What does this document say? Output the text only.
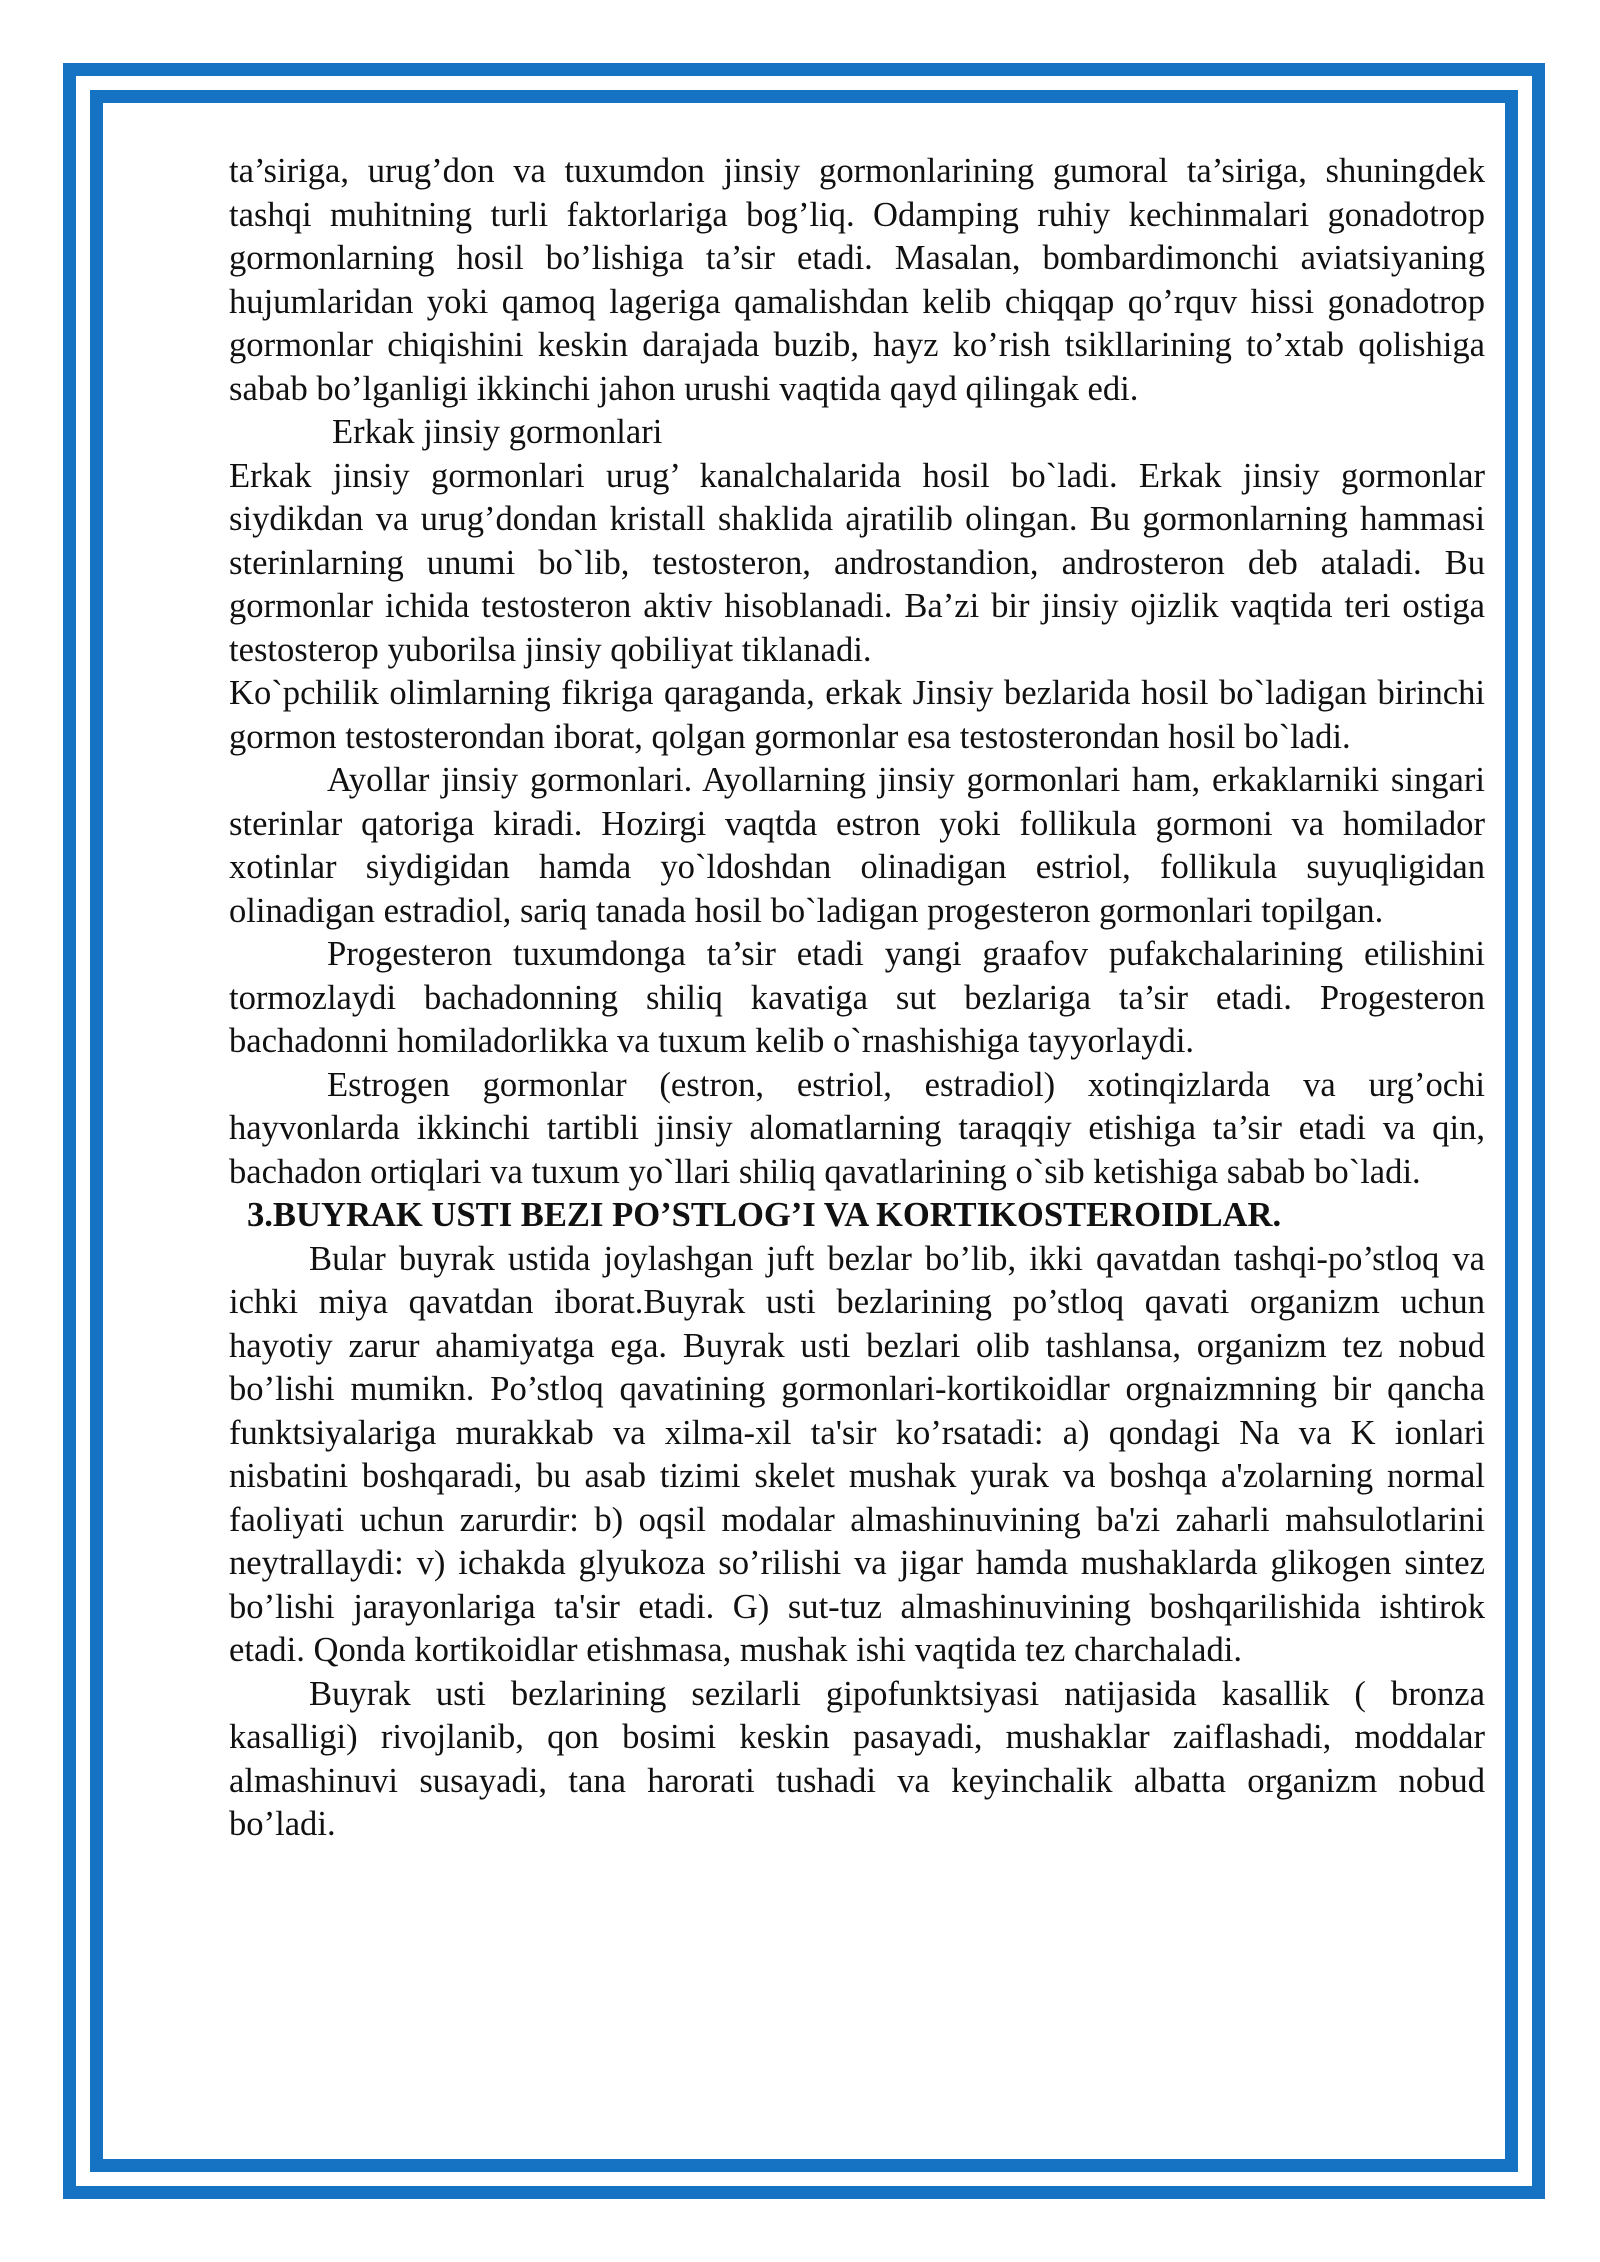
ta’siriga, urug’don va tuxumdon jinsiy gormonlarining gumoral ta’siriga, shuningdek tashqi muhitning turli faktorlariga bog’liq. Odamping ruhiy kechinmalari gonadotrop gormonlarning hosil bo’lishiga ta’sir etadi. Masalan, bombardimonchi aviatsiyaning hujumlaridan yoki qamoq lageriga qamalishdan kelib chiqqap qo’rquv hissi gonadotrop gormonlar chiqishini keskin darajada buzib, hayz ko’rish tsikllarining to’xtab qolishiga sabab bo’lganligi ikkinchi jahon urushi vaqtida qayd qilingak edi.

Erkak jinsiy gormonlari

Erkak jinsiy gormonlari urug’ kanalchalarida hosil bo`ladi. Erkak jinsiy gormonlar siydikdan va urug’dondan kristall shaklida ajratilib olingan. Bu gormonlarning hammasi sterinlarning unumi bo`lib, testosteron, androstandion, androsteron deb ataladi. Bu gormonlar ichida testosteron aktiv hisoblanadi. Ba’zi bir jinsiy ojizlik vaqtida teri ostiga testosterop yuborilsa jinsiy qobiliyat tiklanadi.

Ko`pchilik olimlarning fikriga qaraganda, erkak Jinsiy bezlarida hosil bo`ladigan birinchi gormon testosterondan iborat, qolgan gormonlar esa testosterondan hosil bo`ladi.

Ayollar jinsiy gormonlari. Ayollarning jinsiy gormonlari ham, erkaklarniki singari sterinlar qatoriga kiradi. Hozirgi vaqtda estron yoki follikula gormoni va homilador xotinlar siydigidan hamda yo`ldoshdan olinadigan estriol, follikula suyuqligidan olinadigan estradiol, sariq tanada hosil bo`ladigan progesteron gormonlari topilgan.

Progesteron tuxumdonga ta’sir etadi yangi graafov pufakchalarining etilishini tormozlaydi bachadonning shiliq kavatiga sut bezlariga ta’sir etadi. Progesteron bachadonni homiladorlikka va tuxum kelib o`rnashishiga tayyorlaydi.

Estrogen gormonlar (estron, estriol, estradiol) xotinqizlarda va urg’ochi hayvonlarda ikkinchi tartibli jinsiy alomatlarning taraqqiy etishiga ta’sir etadi va qin, bachadon ortiqlari va tuxum yo`llari shiliq qavatlarining o`sib ketishiga sabab bo`ladi.

3.BUYRAK USTI BEZI PO’STLOG’I VA KORTIKOSTEROIDLAR.

Bular buyrak ustida joylashgan juft bezlar bo’lib, ikki qavatdan tashqi-po’stloq va ichki miya qavatdan iborat.Buyrak usti bezlarining po’stloq qavati organizm uchun hayotiy zarur ahamiyatga ega. Buyrak usti bezlari olib tashlansa, organizm tez nobud bo’lishi mumikn. Po’stloq qavatining gormonlari-kortikoidlar orgnaizmning bir qancha funktsiyalariga murakkab va xilma-xil ta'sir ko’rsatadi: a) qondagi Na va K ionlari nisbatini boshqaradi, bu asab tizimi skelet mushak yurak va boshqa a'zolarning normal faoliyati uchun zarurdir: b) oqsil modalar almashinuvining ba'zi zaharli mahsulotlarini neytrallaydi: v) ichakda glyukoza so’rilishi va jigar hamda mushaklarda glikogen sintez bo’lishi jarayonlariga ta'sir etadi. G) sut-tuz almashinuvining boshqarilishida ishtirok etadi. Qonda kortikoidlar etishmasa, mushak ishi vaqtida tez charchaladi.

Buyrak usti bezlarining sezilarli gipofunktsiyasi natijasida kasallik ( bronza kasalligi) rivojlanib, qon bosimi keskin pasayadi, mushaklar zaiflashadi, moddalar almashinuvi susayadi, tana harorati tushadi va keyinchalik albatta organizm nobud bo’ladi.
